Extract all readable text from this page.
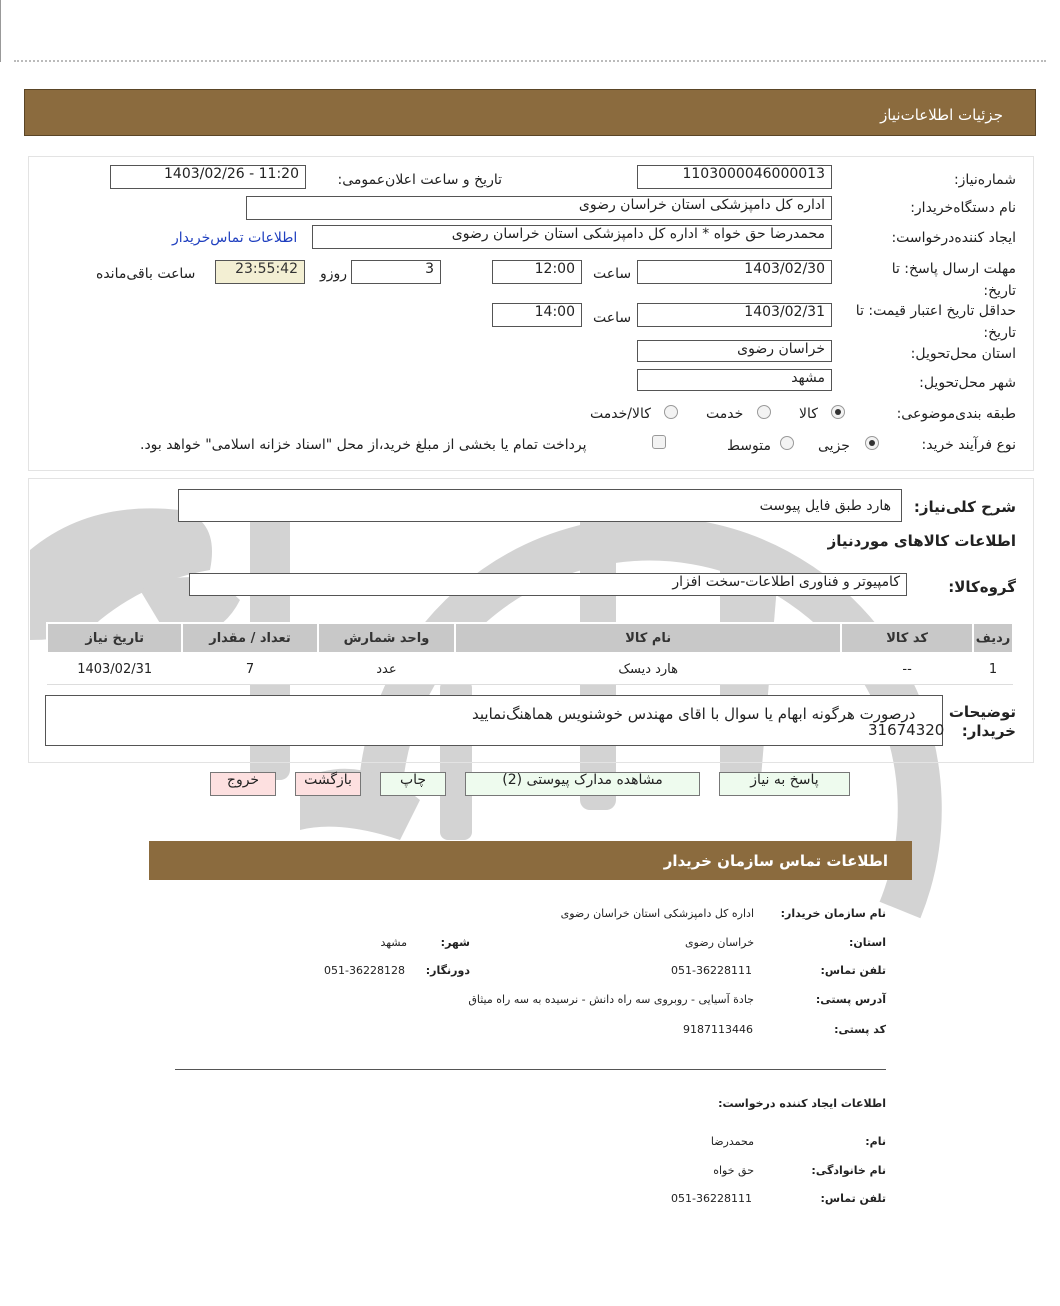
جزئیات اطلاعات‌نیاز
شماره‌نیاز:
1103000046000013
تاریخ و ساعت اعلان‌عمومی:
1403/02/26 - 11:20
نام دستگاه‌خریدار:
اداره کل دامپزشکی استان خراسان رضوی
ایجاد کننده‌درخواست:
محمدرضا حق خواه * اداره کل دامپزشکی استان خراسان رضوی
اطلاعات تماس‌خریدار
مهلت ارسال پاسخ: تا تاریخ:
1403/02/30
ساعت
12:00
3
روزو
23:55:42
ساعت باقی‌مانده
حداقل تاریخ اعتبار قیمت: تا تاریخ:
1403/02/31
ساعت
14:00
استان محل‌تحویل:
خراسان رضوی
شهر محل‌تحویل:
مشهد
طبقه بندی‌موضوعی:
کالا
خدمت
کالا/خدمت
نوع فرآیند خرید:
جزیی
متوسط
پرداخت تمام یا بخشی از مبلغ خرید،از محل "اسناد خزانه اسلامی" خواهد بود.
شرح کلی‌نیاز:
هارد طبق فایل پیوست
اطلاعات کالاهای موردنیاز
گروه‌کالا:
کامپیوتر و فناوری اطلاعات-سخت افزار
ردیف	کد کالا	نام کالا	واحد شمارش	تعداد / مقدار	تاریخ نیاز
1	--	هارد دیسک	عدد	7	1403/02/31
توضیحات خریدار:
درصورت هرگونه ابهام یا سوال با اقای مهندس خوشنویس هماهنگ‌نمایید
31674320
پاسخ به نیاز
مشاهده مدارک پیوستی (2)
چاپ
بازگشت
خروج
اطلاعات تماس سازمان خریدار
نام سازمان خریدار:
اداره کل دامپزشکی استان خراسان رضوی
استان:
خراسان رضوی
شهر:
مشهد
تلفن تماس:
051-36228111
دورنگار:
051-36228128
آدرس پستی:
جادة آسیایی - روبروی سه راه دانش - نرسیده به سه راه میثاق
کد پستی:
9187113446
اطلاعات ایجاد کننده درخواست:
نام:
محمدرضا
نام خانوادگی:
حق خواه
تلفن تماس:
051-36228111
